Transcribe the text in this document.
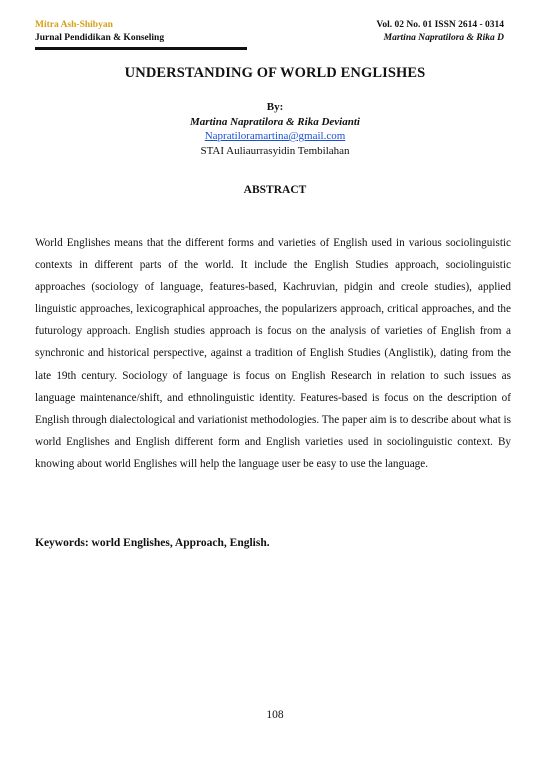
Mitra Ash-Shibyan
Jurnal Pendidikan & Konseling
Vol. 02 No. 01 ISSN 2614 - 0314
Martina Napratilora & Rika D
UNDERSTANDING OF WORLD ENGLISHES
By:
Martina Napratilora & Rika Devianti
Napratiloramartina@gmail.com
STAI Auliaurrasyidin Tembilahan
ABSTRACT

World Englishes means that the different forms and varieties of English used in various sociolinguistic contexts in different parts of the world. It include the English Studies approach, sociolinguistic approaches (sociology of language, features-based, Kachruvian, pidgin and creole studies), applied linguistic approaches, lexicographical approaches, the popularizers approach, critical approaches, and the futurology approach. English studies approach is focus on the analysis of varieties of English from a synchronic and historical perspective, against a tradition of English Studies (Anglistik), dating from the late 19th century. Sociology of language is focus on English Research in relation to such issues as language maintenance/shift, and ethnolinguistic identity. Features-based is focus on the description of English through dialectological and variationist methodologies. The paper aim is to describe about what is world Englishes and English different form and English varieties used in sociolinguistic context. By knowing about world Englishes will help the language user be easy to use the language.

Keywords: world Englishes, Approach, English.
108
